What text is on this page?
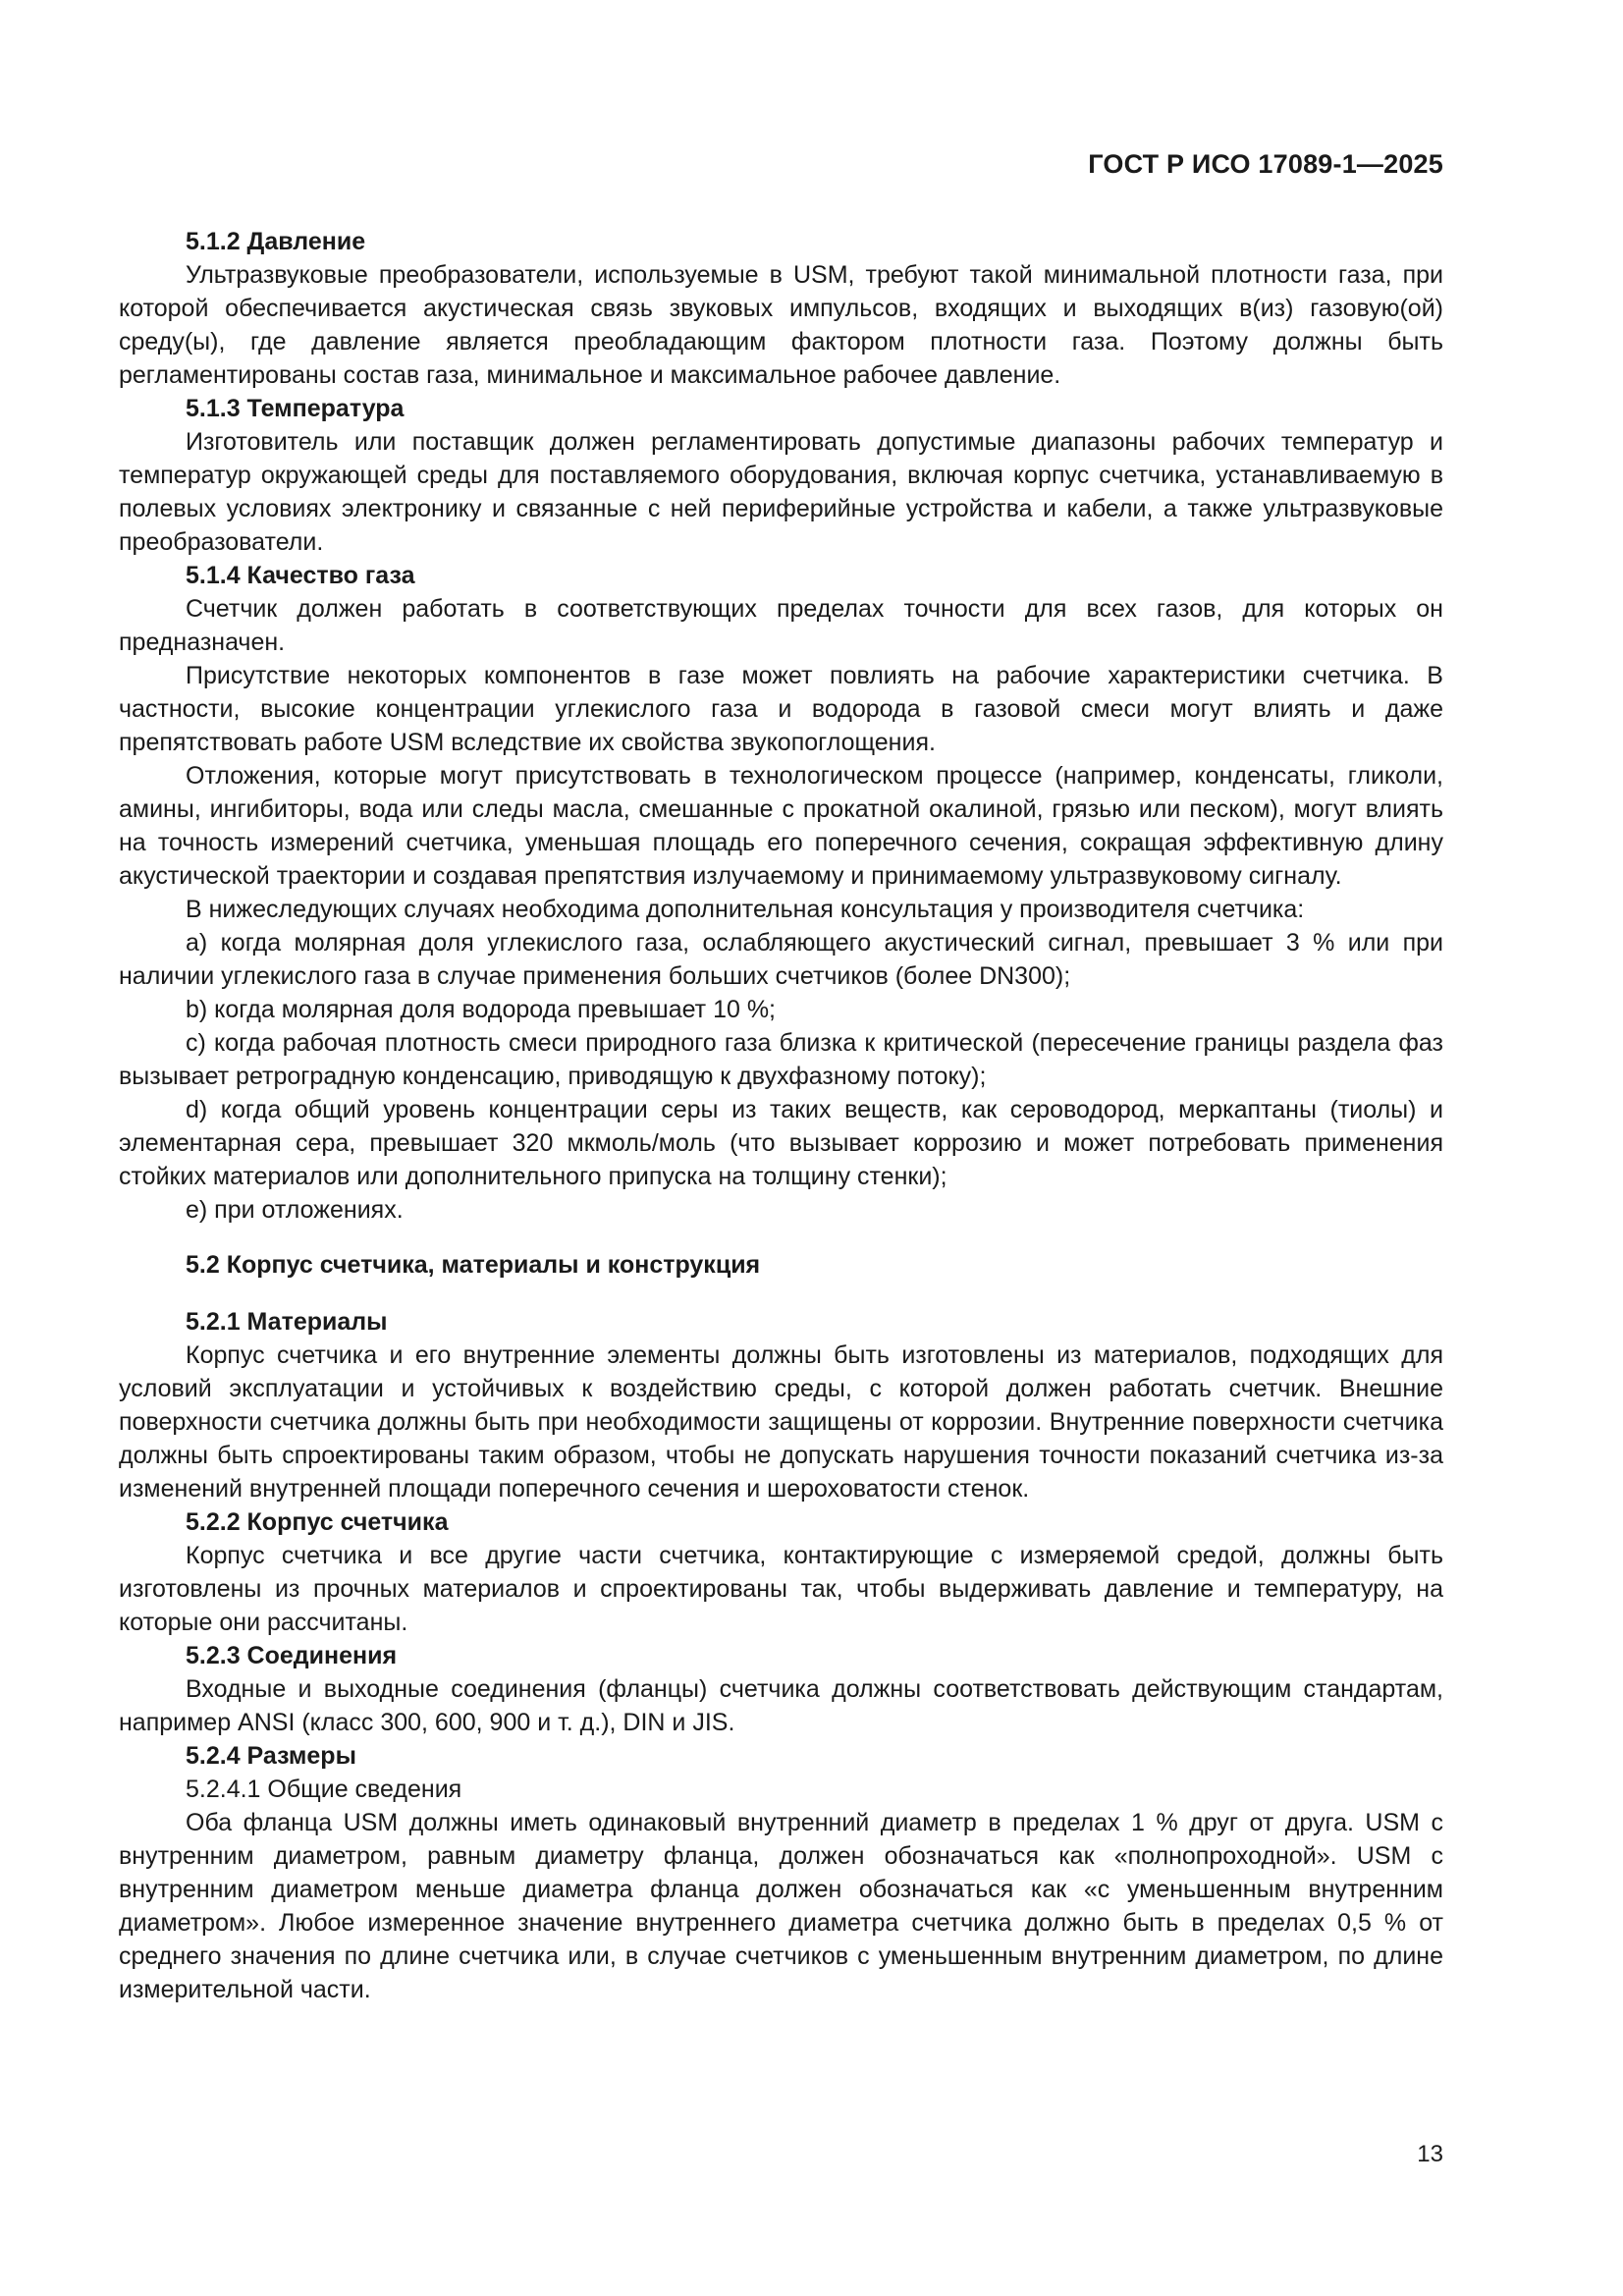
ГОСТ Р ИСО 17089-1—2025

5.1.2 Давление

Ультразвуковые преобразователи, используемые в USM, требуют такой минимальной плотности газа, при которой обеспечивается акустическая связь звуковых импульсов, входящих и выходящих в(из) газовую(ой) среду(ы), где давление является преобладающим фактором плотности газа. Поэтому должны быть регламентированы состав газа, минимальное и максимальное рабочее давление.

5.1.3 Температура

Изготовитель или поставщик должен регламентировать допустимые диапазоны рабочих температур и температур окружающей среды для поставляемого оборудования, включая корпус счетчика, устанавливаемую в полевых условиях электронику и связанные с ней периферийные устройства и кабели, а также ультразвуковые преобразователи.

5.1.4 Качество газа

Счетчик должен работать в соответствующих пределах точности для всех газов, для которых он предназначен.

Присутствие некоторых компонентов в газе может повлиять на рабочие характеристики счетчика. В частности, высокие концентрации углекислого газа и водорода в газовой смеси могут влиять и даже препятствовать работе USM вследствие их свойства звукопоглощения.

Отложения, которые могут присутствовать в технологическом процессе (например, конденсаты, гликоли, амины, ингибиторы, вода или следы масла, смешанные с прокатной окалиной, грязью или песком), могут влиять на точность измерений счетчика, уменьшая площадь его поперечного сечения, сокращая эффективную длину акустической траектории и создавая препятствия излучаемому и принимаемому ультразвуковому сигналу.

В нижеследующих случаях необходима дополнительная консультация у производителя счетчика:

а) когда молярная доля углекислого газа, ослабляющего акустический сигнал, превышает 3 % или при наличии углекислого газа в случае применения больших счетчиков (более DN300);

b) когда молярная доля водорода превышает 10 %;

c) когда рабочая плотность смеси природного газа близка к критической (пересечение границы раздела фаз вызывает ретроградную конденсацию, приводящую к двухфазному потоку);

d) когда общий уровень концентрации серы из таких веществ, как сероводород, меркаптаны (тиолы) и элементарная сера, превышает 320 мкмоль/моль (что вызывает коррозию и может потребовать применения стойких материалов или дополнительного припуска на толщину стенки);

e) при отложениях.

5.2 Корпус счетчика, материалы и конструкция

5.2.1 Материалы

Корпус счетчика и его внутренние элементы должны быть изготовлены из материалов, подходящих для условий эксплуатации и устойчивых к воздействию среды, с которой должен работать счетчик. Внешние поверхности счетчика должны быть при необходимости защищены от коррозии. Внутренние поверхности счетчика должны быть спроектированы таким образом, чтобы не допускать нарушения точности показаний счетчика из-за изменений внутренней площади поперечного сечения и шероховатости стенок.

5.2.2 Корпус счетчика

Корпус счетчика и все другие части счетчика, контактирующие с измеряемой средой, должны быть изготовлены из прочных материалов и спроектированы так, чтобы выдерживать давление и температуру, на которые они рассчитаны.

5.2.3 Соединения

Входные и выходные соединения (фланцы) счетчика должны соответствовать действующим стандартам, например ANSI (класс 300, 600, 900 и т. д.), DIN и JIS.

5.2.4 Размеры

5.2.4.1 Общие сведения

Оба фланца USM должны иметь одинаковый внутренний диаметр в пределах 1 % друг от друга. USM с внутренним диаметром, равным диаметру фланца, должен обозначаться как «полнопроходной». USM с внутренним диаметром меньше диаметра фланца должен обозначаться как «с уменьшенным внутренним диаметром». Любое измеренное значение внутреннего диаметра счетчика должно быть в пределах 0,5 % от среднего значения по длине счетчика или, в случае счетчиков с уменьшенным внутренним диаметром, по длине измерительной части.

13
